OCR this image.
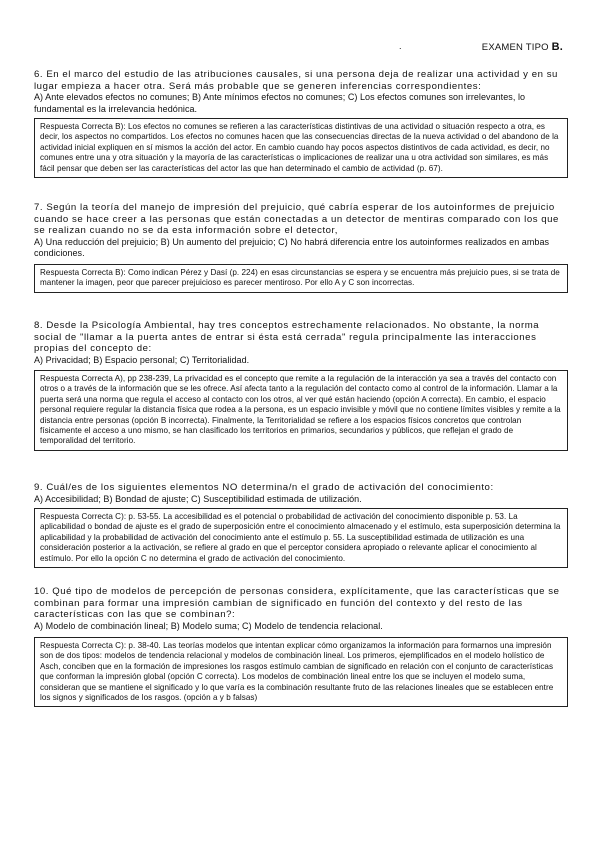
.	EXAMEN TIPO B.
6. En el marco del estudio de las atribuciones causales, si una persona deja de realizar una actividad y en su lugar empieza a hacer otra. Será más probable que se generen inferencias correspondientes:
A) Ante elevados efectos no comunes; B) Ante mínimos efectos no comunes; C) Los efectos comunes son irrelevantes, lo fundamental es la irrelevancia hedónica.
Respuesta Correcta B): Los efectos no comunes se refieren a las características distintivas de una actividad o situación respecto a otra, es decir, los aspectos no compartidos. Los efectos no comunes hacen que las consecuencias directas de la nueva actividad o del abandono de la actividad inicial expliquen en sí mismos la acción del actor. En cambio cuando hay pocos aspectos distintivos de cada actividad, es decir, no comunes entre una y otra situación y la mayoría de las características o implicaciones de realizar una u otra actividad son similares, es más fácil pensar que deben ser las características del actor las que han determinado el cambio de actividad (p. 67).
7. Según la teoría del manejo de impresión del prejuicio, qué cabría esperar de los autoinformes de prejuicio cuando se hace creer a las personas que están conectadas a un detector de mentiras comparado con los que se realizan cuando no se da esta información sobre el detector,
A) Una reducción del prejuicio; B) Un aumento del prejuicio; C) No habrá diferencia entre los autoinformes realizados en ambas condiciones.
Respuesta Correcta B): Como indican Pérez y Dasí (p. 224) en esas circunstancias se espera y se encuentra más prejuicio pues, si se trata de mantener la imagen, peor que parecer prejuicioso es parecer mentiroso. Por ello A y C son incorrectas.
8. Desde la Psicología Ambiental, hay tres conceptos estrechamente relacionados. No obstante, la norma social de "llamar a la puerta antes de entrar si ésta está cerrada" regula principalmente las interacciones propias del concepto de:
A) Privacidad; B) Espacio personal; C) Territorialidad.
Respuesta Correcta A), pp 238-239, La privacidad es el concepto que remite a la regulación de la interacción ya sea a través del contacto con otros o a través de la información que se les ofrece. Así afecta tanto a la regulación del contacto como al control de la información. Llamar a la puerta será una norma que regula el acceso al contacto con los otros, al ver qué están haciendo (opción A correcta). En cambio, el espacio personal requiere regular la distancia física que rodea a la persona, es un espacio invisible y móvil que no contiene límites visibles y remite a la distancia entre personas (opción B incorrecta). Finalmente, la Territorialidad se refiere a los espacios físicos concretos que controlan físicamente el acceso a uno mismo, se han clasificado los territorios en primarios, secundarios y públicos, que reflejan el grado de temporalidad del territorio.
9. Cuál/es de los siguientes elementos NO determina/n el grado de activación del conocimiento:
A) Accesibilidad; B) Bondad de ajuste; C) Susceptibilidad estimada de utilización.
Respuesta Correcta C): p. 53-55. La accesibilidad es el potencial o probabilidad de activación del conocimiento disponible p. 53. La aplicabilidad o bondad de ajuste es el grado de superposición entre el conocimiento almacenado y el estímulo, esta superposición determina la aplicabilidad y la probabilidad de activación del conocimiento ante el estímulo p. 55. La susceptibilidad estimada de utilización es una consideración posterior a la activación, se refiere al grado en que el perceptor considera apropiado o relevante aplicar el conocimiento al estímulo. Por ello la opción C no determina el grado de activación del conocimiento.
10. Qué tipo de modelos de percepción de personas considera, explícitamente, que las características que se combinan para formar una impresión cambian de significado en función del contexto y del resto de las características con las que se combinan?:
A) Modelo de combinación lineal; B) Modelo suma; C) Modelo de tendencia relacional.
Respuesta Correcta C): p. 38-40. Las teorías modelos que intentan explicar cómo organizamos la información para formarnos una impresión son de dos tipos: modelos de tendencia relacional y modelos de combinación lineal. Los primeros, ejemplificados en el modelo holístico de Asch, conciben que en la formación de impresiones los rasgos estímulo cambian de significado en relación con el conjunto de características que conforman la impresión global (opción C correcta). Los modelos de combinación lineal entre los que se incluyen el modelo suma, consideran que se mantiene el significado y lo que varía es la combinación resultante fruto de las relaciones lineales que se establecen entre los signos y significados de los rasgos. (opción a y b falsas)
